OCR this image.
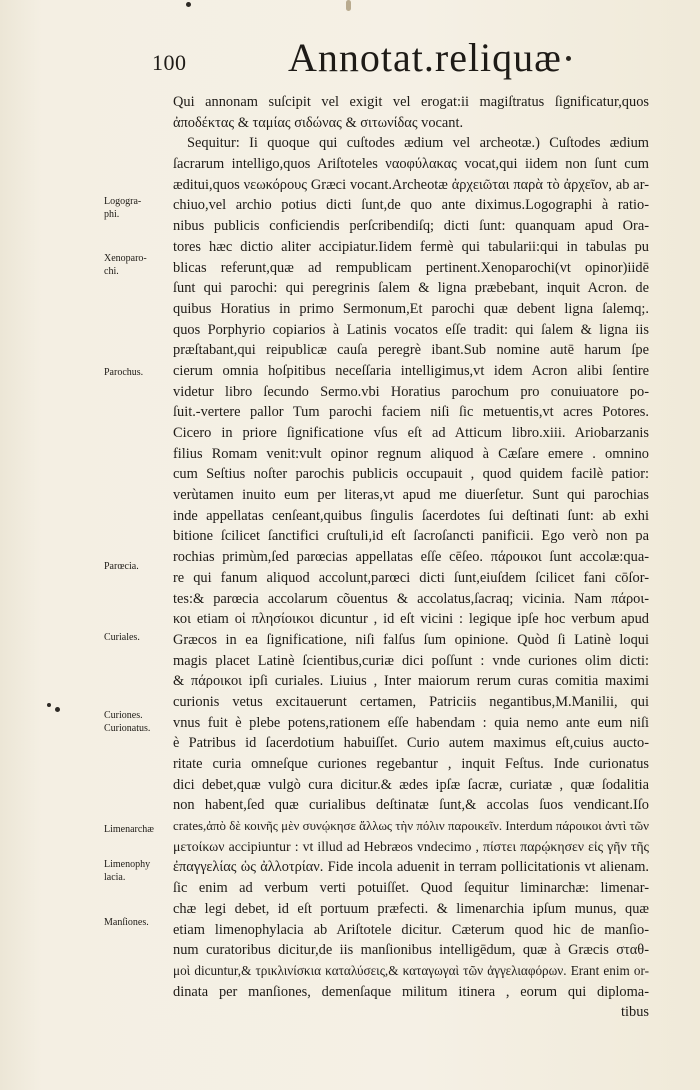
100	Annotat.reliquæ
Qui annonam suſcipit vel exigit vel erogat:ii magiſtratus ſignificatur,quos
ἀποδέκτας & ταμίας σιδώνας & σιτωνίδας vocant.
Sequitur: Ii quoque qui cuſtodes ædium vel archeotæ.) Cuſtodes ædium
ſacrarum intelligo,quos Ariſtoteles ναοφύλακας vocat,qui iidem non ſunt cum
æditui,quos νεωκόρους Græci vocant.Archeotæ ἀρχειῶται παρὰ τὸ ἀρχεῖον, ab ar-
chiuo,vel archio potius dicti ſunt,de quo ante diximus.Logographi à ratio-
nibus publicis conficiendis perſcribendiſq; dicti ſunt: quanquam apud Ora-
tores hæc dictio aliter accipiatur.Iidem fermè qui tabularii:qui in tabulas pu
blicas referunt,quæ ad rempublicam pertinent.Xenoparochi(vt opinor)iidē
ſunt qui parochi: qui peregrinis ſalem & ligna præbebant, inquit Acron. de
quibus Horatius in primo Sermonum,Et parochi quæ debent ligna ſalemq;.
quos Porphyrio copiarios à Latinis vocatos eſſe tradit: qui ſalem & ligna iis
præſtabant,qui reipublicæ cauſa peregrè ibant.Sub nomine autē harum ſpe
cierum omnia hoſpitibus neceſſaria intelligimus,vt idem Acron alibi ſentire
videtur libro ſecundo Sermo.vbi Horatius parochum pro conuiuatore po-
ſuit.-vertere pallor Tum parochi faciem niſi ſic metuentis,vt acres Potores.
Cicero in priore ſignificatione vſus eſt ad Atticum libro.xiii. Ariobarzanis
filius Romam venit:vult opinor regnum aliquod à Cæſare emere . omnino
cum Seſtius noſter parochis publicis occupauit , quod quidem facilè patior:
verùtamen inuito eum per literas,vt apud me diuerſetur. Sunt qui parochias
inde appellatas cenſeant,quibus ſingulis ſacerdotes ſui deſtinati ſunt: ab exhi
bitione ſcilicet ſanctifici cruſtuli,id eſt ſacroſancti panificii. Ego verò non pa
rochias primùm,ſed parœcias appellatas eſſe cēſeo. πάροικοι ſunt accolæ:qua-
re qui fanum aliquod accolunt,parœci dicti ſunt,eiuſdem ſcilicet fani cōſor-
tes:& parœcia accolarum cõuentus & accolatus,ſacraq; vicinia. Nam πάροι-
κοι etiam οἱ πλησίοικοι dicuntur , id eſt vicini : legique ipſe hoc verbum apud
Græcos in ea ſignificatione, niſi falſus ſum opinione. Quòd ſi Latinè loqui
magis placet Latinè ſcientibus,curiæ dici poſſunt : vnde curiones olim dicti:
& πάροικοι ipſi curiales. Liuius , Inter maiorum rerum curas comitia maximi
curionis vetus excitauerunt certamen, Patriciis negantibus,M.Manilii, qui
vnus fuit è plebe potens,rationem eſſe habendam : quia nemo ante eum niſi
è Patribus id ſacerdotium habuiſſet. Curio autem maximus eſt,cuius aucto-
ritate curia omneſque curiones regebantur , inquit Feſtus. Inde curionatus
dici debet,quæ vulgò cura dicitur.& ædes ipſæ ſacræ, curiatæ , quæ ſodalitia
non habent,ſed quæ curialibus deſtinatæ ſunt,& accolas ſuos vendicant.Iſo
crates,ἀπὸ δὲ κοινῆς μὲν συνῴκησε ἄλλως τὴν πόλιν παροικεῖν. Interdum πάροικοι ἀντὶ τῶν
μετοίκων accipiuntur : vt illud ad Hebræos vndecimo , πίστει παρῴκησεν εἰς γῆν τῆς
ἐπαγγελίας ὡς ἀλλοτρίαν. Fide incola aduenit in terram pollicitationis vt alienam.
ſic enim ad verbum verti potuiſſet. Quod ſequitur liminarchæ: limenar-
chæ legi debet, id eſt portuum præfecti. & limenarchia ipſum munus, quæ
etiam limenophylacia ab Ariſtotele dicitur. Cæterum quod hic de manſio-
num curatoribus dicitur,de iis manſionibus intelligēdum, quæ à Græcis σταθ-
μοὶ dicuntur,& τρικλινίσκια καταλύσεις,& καταγωγαὶ τῶν ἀγγελιαφόρων. Erant enim or-
dinata per manſiones, demenſaque militum itinera , eorum qui diploma-
tibus
Logogra-
phi.
Xenoparo-
chi.
Parochus.
Parœcia.
Curiales.
Curiones.
Curionatus.
Limenarchæ
Limenophy
lacia.
Manſiones.
